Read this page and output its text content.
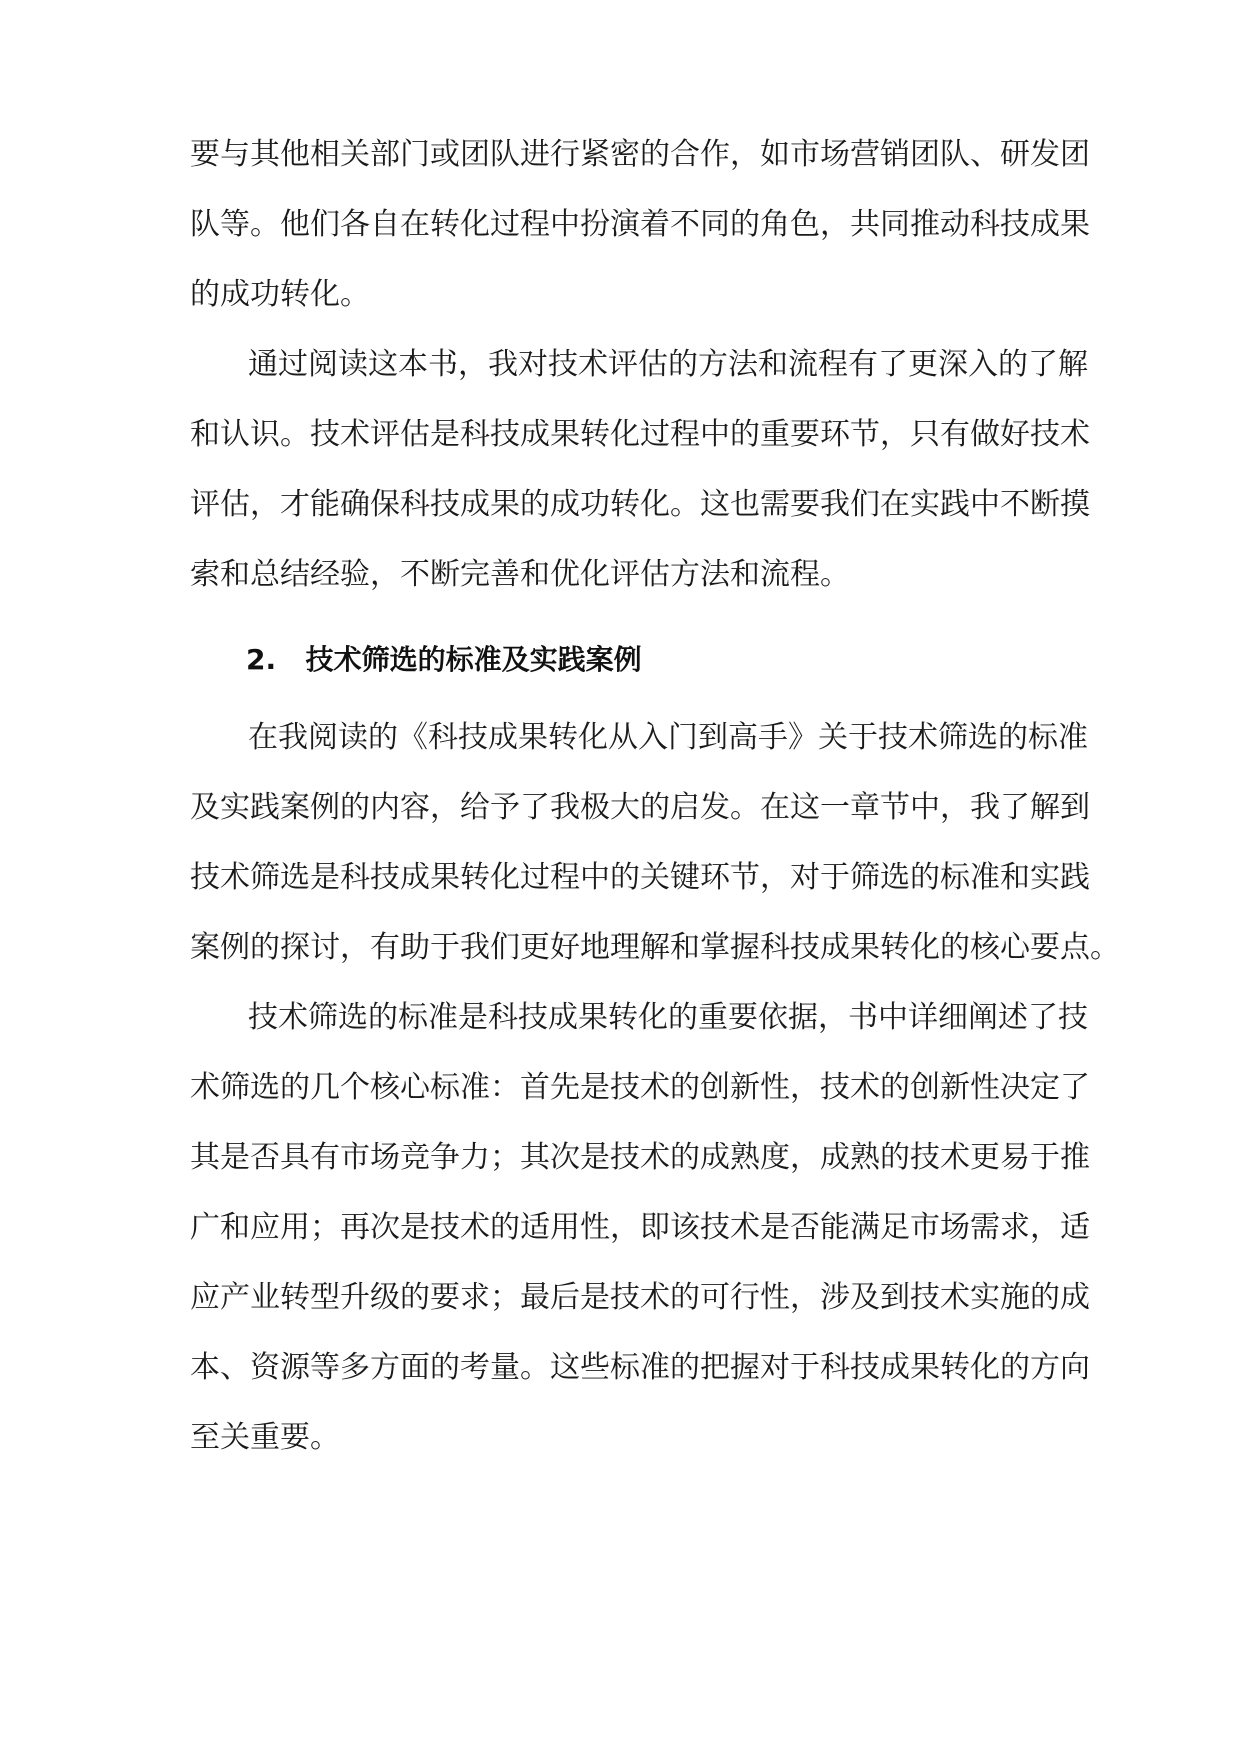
要与其他相关部门或团队进行紧密的合作，如市场营销团队、研发团
队等。他们各自在转化过程中扮演着不同的角色，共同推动科技成果
的成功转化。
通过阅读这本书，我对技术评估的方法和流程有了更深入的了解
和认识。技术评估是科技成果转化过程中的重要环节，只有做好技术
评估，才能确保科技成果的成功转化。这也需要我们在实践中不断摸
索和总结经验，不断完善和优化评估方法和流程。
2. 技术筛选的标准及实践案例
在我阅读的《科技成果转化从入门到高手》关于技术筛选的标准
及实践案例的内容，给予了我极大的启发。在这一章节中，我了解到
技术筛选是科技成果转化过程中的关键环节，对于筛选的标准和实践
案例的探讨，有助于我们更好地理解和掌握科技成果转化的核心要点。
技术筛选的标准是科技成果转化的重要依据，书中详细阐述了技
术筛选的几个核心标准：首先是技术的创新性，技术的创新性决定了
其是否具有市场竞争力；其次是技术的成熟度，成熟的技术更易于推
广和应用；再次是技术的适用性，即该技术是否能满足市场需求，适
应产业转型升级的要求；最后是技术的可行性，涉及到技术实施的成
本、资源等多方面的考量。这些标准的把握对于科技成果转化的方向
至关重要。
